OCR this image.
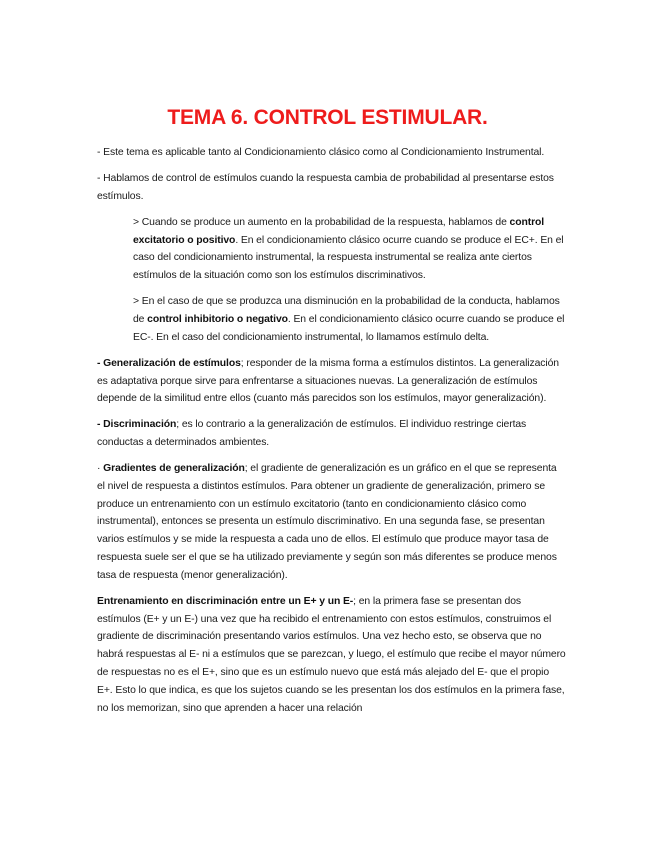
TEMA 6. CONTROL ESTIMULAR.

- Este tema es aplicable tanto al Condicionamiento clásico como al Condicionamiento Instrumental.

- Hablamos de control de estímulos cuando la respuesta cambia de probabilidad al presentarse estos estímulos.

> Cuando se produce un aumento en la probabilidad de la respuesta, hablamos de control excitatorio o positivo. En el condicionamiento clásico ocurre cuando se produce el EC+. En el caso del condicionamiento instrumental, la respuesta instrumental se realiza ante ciertos estímulos de la situación como son los estímulos discriminativos.

> En el caso de que se produzca una disminución en la probabilidad de la conducta, hablamos de control inhibitorio o negativo. En el condicionamiento clásico ocurre cuando se produce el EC-. En el caso del condicionamiento instrumental, lo llamamos estímulo delta.

- Generalización de estímulos; responder de la misma forma a estímulos distintos. La generalización es adaptativa porque sirve para enfrentarse a situaciones nuevas. La generalización de estímulos depende de la similitud entre ellos (cuanto más parecidos son los estímulos, mayor generalización).

- Discriminación; es lo contrario a la generalización de estímulos. El individuo restringe ciertas conductas a determinados ambientes.

· Gradientes de generalización; el gradiente de generalización es un gráfico en el que se representa el nivel de respuesta a distintos estímulos. Para obtener un gradiente de generalización, primero se produce un entrenamiento con un estímulo excitatorio (tanto en condicionamiento clásico como instrumental), entonces se presenta un estímulo discriminativo. En una segunda fase, se presentan varios estímulos y se mide la respuesta a cada uno de ellos. El estímulo que produce mayor tasa de respuesta suele ser el que se ha utilizado previamente y según son más diferentes se produce menos tasa de respuesta (menor generalización).

Entrenamiento en discriminación entre un E+ y un E-; en la primera fase se presentan dos estímulos (E+ y un E-) una vez que ha recibido el entrenamiento con estos estímulos, construimos el gradiente de discriminación presentando varios estímulos. Una vez hecho esto, se observa que no habrá respuestas al E- ni a estímulos que se parezcan, y luego, el estímulo que recibe el mayor número de respuestas no es el E+, sino que es un estímulo nuevo que está más alejado del E- que el propio E+. Esto lo que indica, es que los sujetos cuando se les presentan los dos estímulos en la primera fase, no los memorizan, sino que aprenden a hacer una relación
